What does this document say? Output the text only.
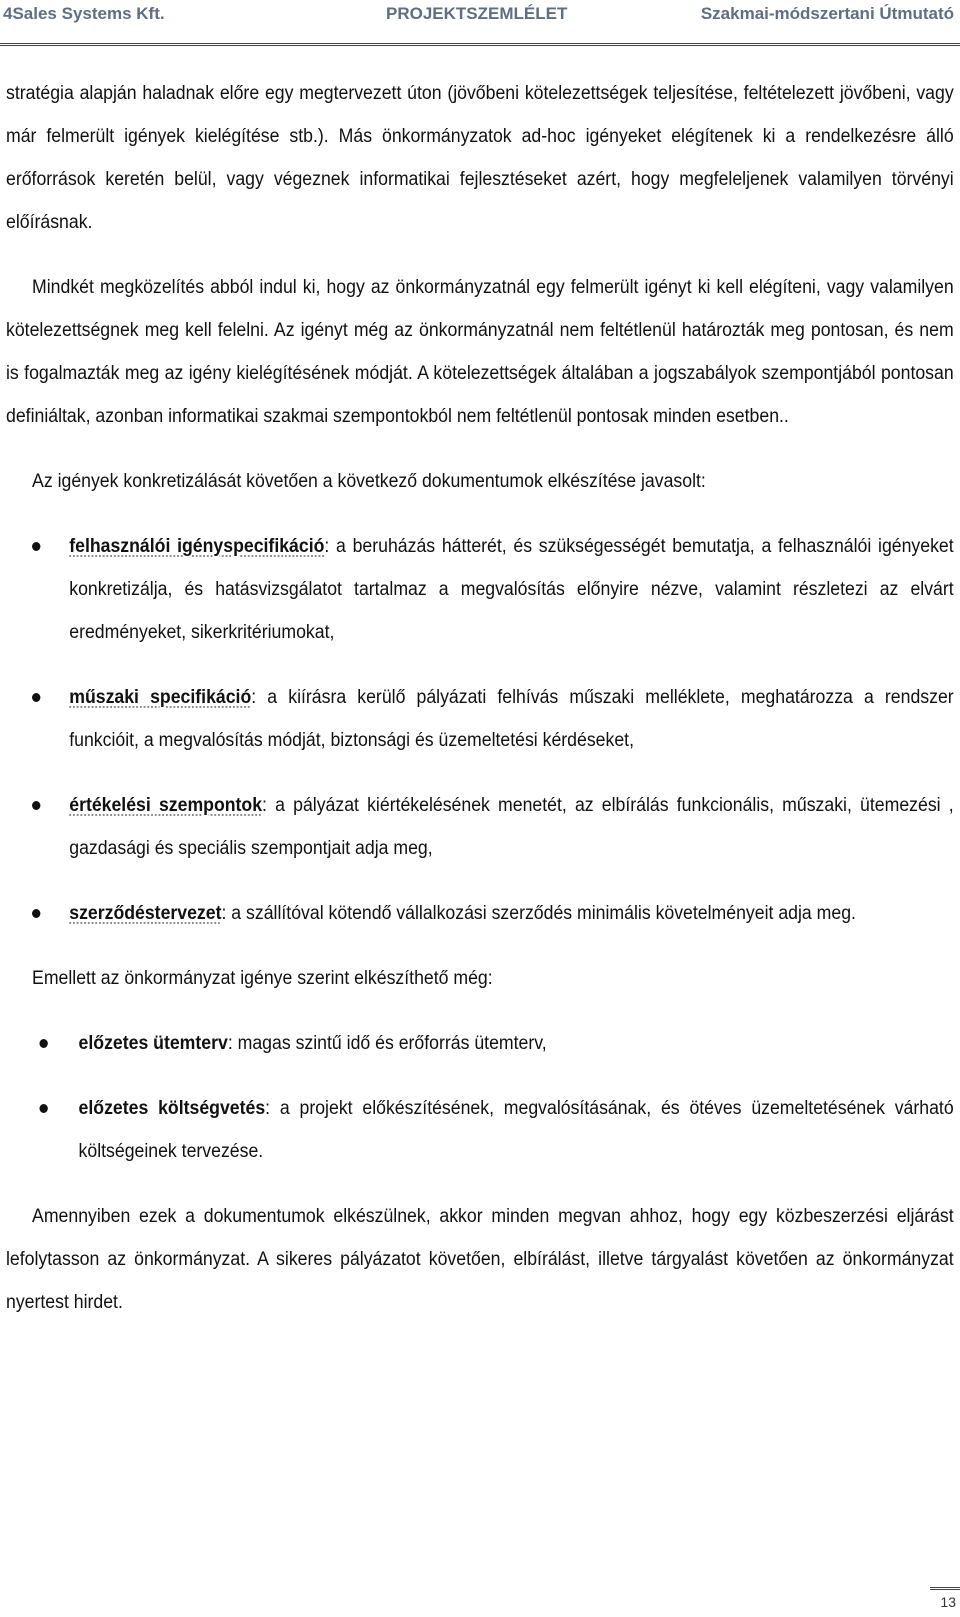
4Sales Systems Kft.	PROJEKTSZEMLÉLET	Szakmai-módszertani Útmutató

stratégia alapján haladnak előre egy megtervezett úton (jövőbeni kötelezettségek teljesítése, feltételezett jövőbeni, vagy már felmerült igények kielégítése stb.). Más önkormányzatok ad-hoc igényeket elégítenek ki a rendelkezésre álló erőforrások keretén belül, vagy végeznek informatikai fejlesztéseket azért, hogy megfeleljenek valamilyen törvényi előírásnak.

Mindkét megközelítés abból indul ki, hogy az önkormányzatnál egy felmerült igényt ki kell elégíteni, vagy valamilyen kötelezettségnek meg kell felelni. Az igényt még az önkormányzatnál nem feltétlenül határozták meg pontosan, és nem is fogalmazták meg az igény kielégítésének módját. A kötelezettségek általában a jogszabályok szempontjából pontosan definiáltak, azonban informatikai szakmai szempontokból nem feltétlenül pontosak minden esetben..

Az igények konkretizálását követően a következő dokumentumok elkészítése javasolt:

felhasználói igényspecifikáció: a beruházás hátterét, és szükségességét bemutatja, a felhasználói igényeket konkretizálja, és hatásvizsgálatot tartalmaz a megvalósítás előnyire nézve, valamint részletezi az elvárt eredményeket, sikerkritériumokat,
műszaki specifikáció: a kiírásra kerülő pályázati felhívás műszaki melléklete, meghatározza a rendszer funkcióit, a megvalósítás módját, biztonsági és üzemeltetési kérdéseket,
értékelési szempontok: a pályázat kiértékelésének menetét, az elbírálás funkcionális, műszaki, ütemezési , gazdasági és speciális szempontjait adja meg,
szerződéstervezet: a szállítóval kötendő vállalkozási szerződés minimális követelményeit adja meg.

Emellett az önkormányzat igénye szerint elkészíthető még:

előzetes ütemterv: magas szintű idő és erőforrás ütemterv,
előzetes költségvetés: a projekt előkészítésének, megvalósításának, és ötéves üzemeltetésének várható költségeinek tervezése.

Amennyiben ezek a dokumentumok elkészülnek, akkor minden megvan ahhoz, hogy egy közbeszerzési eljárást lefolytasson az önkormányzat. A sikeres pályázatot követően, elbírálást, illetve tárgyalást követően az önkormányzat nyertest hirdet.

13
